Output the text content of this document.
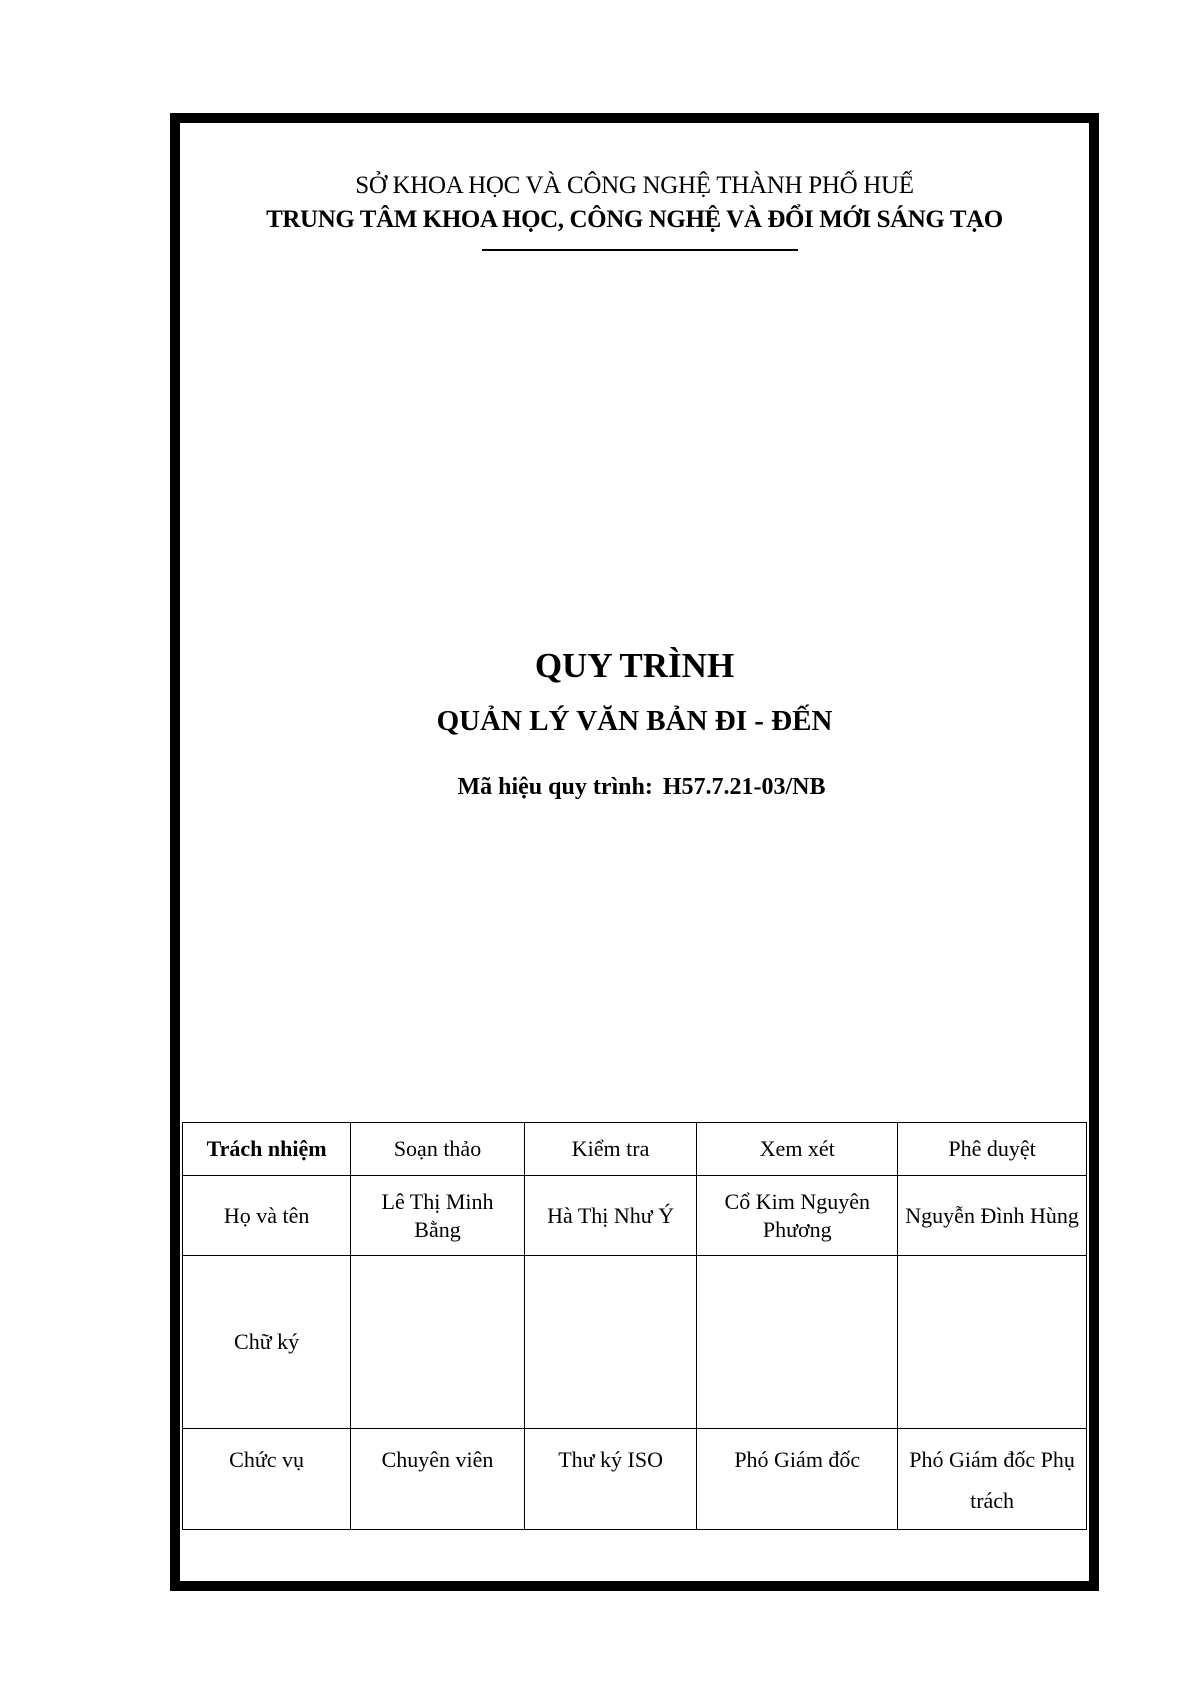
SỞ KHOA HỌC VÀ CÔNG NGHỆ THÀNH PHỐ HUẾ
TRUNG TÂM KHOA HỌC, CÔNG NGHỆ VÀ ĐỔI MỚI SÁNG TẠO
QUY TRÌNH
QUẢN LÝ VĂN BẢN ĐI - ĐẾN
Mã hiệu quy trình: H57.7.21-03/NB
Trách nhiệm	Soạn thảo	Kiểm tra	Xem xét	Phê duyệt
Họ và tên	Lê Thị Minh Bằng	Hà Thị Như Ý	Cổ Kim Nguyên Phương	Nguyễn Đình Hùng
Chữ ký				
Chức vụ	Chuyên viên	Thư ký ISO	Phó Giám đốc	Phó Giám đốc Phụ trách
